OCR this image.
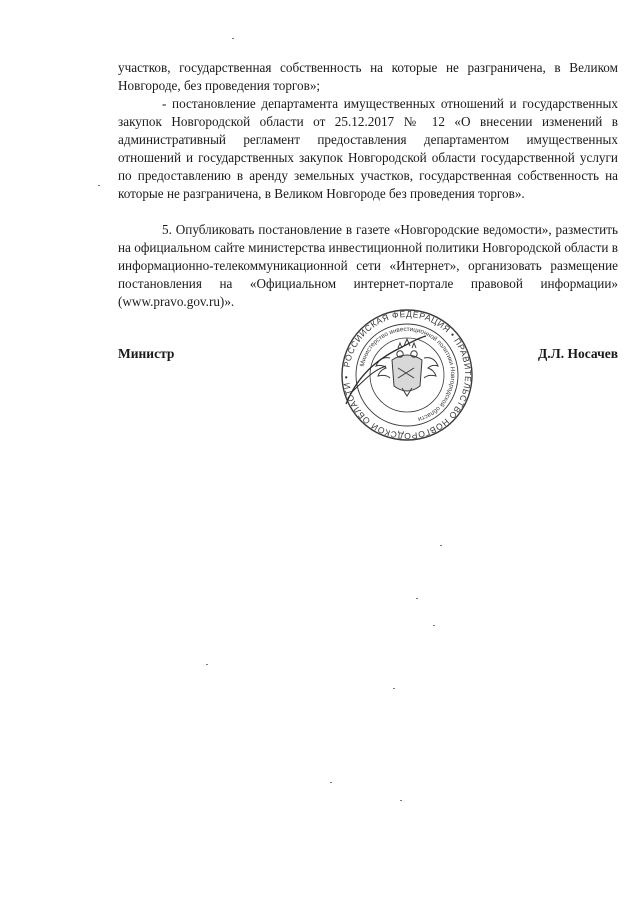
участков, государственная собственность на которые не разграничена, в Великом Новгороде, без проведения торгов»;

- постановление департамента имущественных отношений и государственных закупок Новгородской области от 25.12.2017 № 12 «О внесении изменений в административный регламент предоставления департаментом имущественных отношений и государственных закупок Новгородской области государственной услуги по предоставлению в аренду земельных участков, государственная собственность на которые не разграничена, в Великом Новгороде без проведения торгов».

5. Опубликовать постановление в газете «Новгородские ведомости», разместить на официальном сайте министерства инвестиционной политики Новгородской области в информационно-телекоммуникационной сети «Интернет», организовать размещение постановления на «Официальном интернет-портале правовой информации» (www.pravo.gov.ru)».

Министр	Д.Л. Носачев
РОССИЙСКАЯ ФЕДЕРАЦИЯ • ПРАВИТЕЛЬСТВО НОВГОРОДСКОЙ ОБЛАСТИ •
Министерство инвестиционной политики Новгородской области
